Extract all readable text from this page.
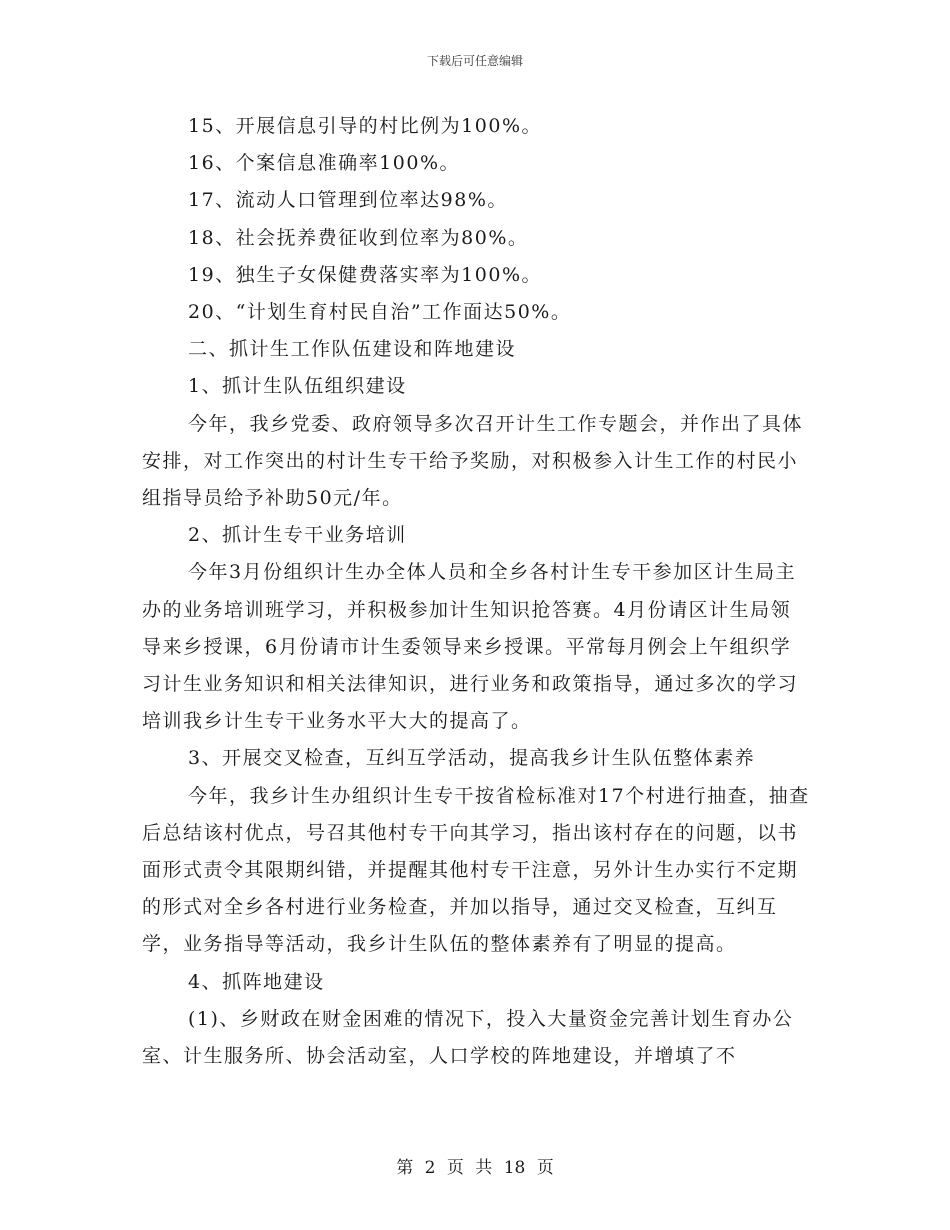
下载后可任意编辑

15、开展信息引导的村比例为100%。

16、个案信息准确率100%。

17、流动人口管理到位率达98%。

18、社会抚养费征收到位率为80%。

19、独生子女保健费落实率为100%。

20、“计划生育村民自治”工作面达50%。

二、抓计生工作队伍建设和阵地建设

1、抓计生队伍组织建设

今年，我乡党委、政府领导多次召开计生工作专题会，并作出了具体安排，对工作突出的村计生专干给予奖励，对积极参入计生工作的村民小组指导员给予补助50元/年。

2、抓计生专干业务培训

今年3月份组织计生办全体人员和全乡各村计生专干参加区计生局主办的业务培训班学习，并积极参加计生知识抢答赛。4月份请区计生局领导来乡授课，6月份请市计生委领导来乡授课。平常每月例会上午组织学习计生业务知识和相关法律知识，进行业务和政策指导，通过多次的学习培训我乡计生专干业务水平大大的提高了。

3、开展交叉检查，互纠互学活动，提高我乡计生队伍整体素养

今年，我乡计生办组织计生专干按省检标准对17个村进行抽查，抽查后总结该村优点，号召其他村专干向其学习，指出该村存在的问题，以书面形式责令其限期纠错，并提醒其他村专干注意，另外计生办实行不定期的形式对全乡各村进行业务检查，并加以指导，通过交叉检查，互纠互学，业务指导等活动，我乡计生队伍的整体素养有了明显的提高。

4、抓阵地建设

(1)、乡财政在财金困难的情况下，投入大量资金完善计划生育办公室、计生服务所、协会活动室，人口学校的阵地建设，并增填了不

第 2 页 共 18 页
